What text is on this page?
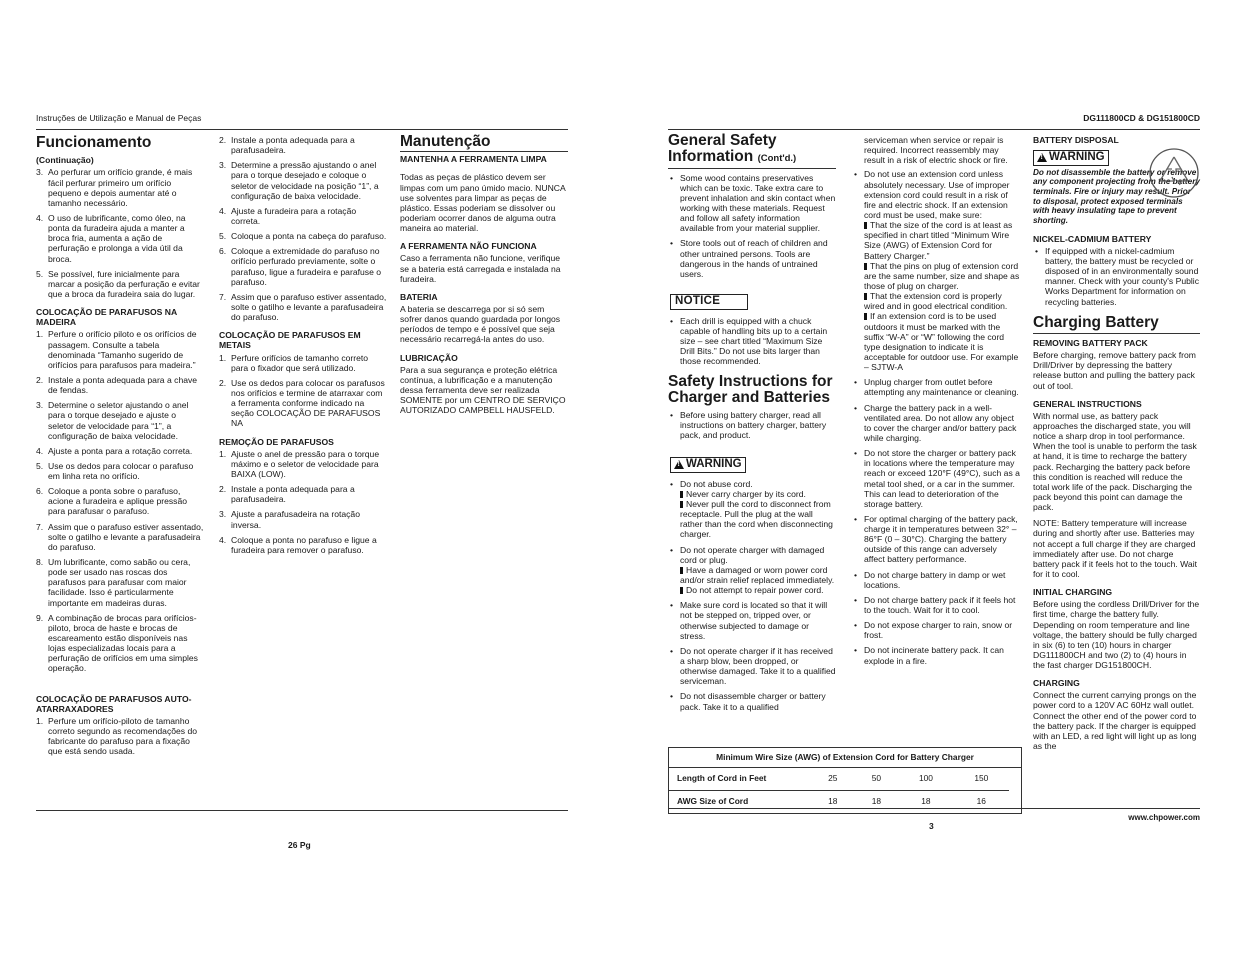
Instruções de Utilização e Manual de Peças	DG111800CD & DG151800CD
Funcionamento
(Continuação)
3. Ao perfurar um orifício grande, é mais fácil perfurar primeiro um orifício pequeno e depois aumentar até o tamanho necessário.
4. O uso de lubrificante, como óleo, na ponta da furadeira ajuda a manter a broca fria, aumenta a ação de perfuração e prolonga a vida útil da broca.
5. Se possível, fure inicialmente para marcar a posição da perfuração e evitar que a broca da furadeira saia do lugar.
COLOCAÇÃO DE PARAFUSOS NA MADEIRA
1. Perfure o orifício piloto e os orifícios de passagem. Consulte a tabela denominada “Tamanho sugerido de orifícios para parafusos para madeira.”
2. Instale a ponta adequada para a chave de fendas.
3. Determine o seletor ajustando o anel para o torque desejado e ajuste o seletor de velocidade para “1”, a configuração de baixa velocidade.
4. Ajuste a ponta para a rotação correta.
5. Use os dedos para colocar o parafuso em linha reta no orifício.
6. Coloque a ponta sobre o parafuso, acione a furadeira e aplique pressão para parafusar o parafuso.
7. Assim que o parafuso estiver assentado, solte o gatilho e levante a parafusadeira do parafuso.
8. Um lubrificante, como sabão ou cera, pode ser usado nas roscas dos parafusos para parafusar com maior facilidade. Isso é particularmente importante em madeiras duras.
9. A combinação de brocas para orifícios-piloto, broca de haste e brocas de escareamento estão disponíveis nas lojas especializadas locais para a perfuração de orifícios em uma simples operação.
COLOCAÇÃO DE PARAFUSOS AUTO-ATARRAXADORES
1. Perfure um orifício-piloto de tamanho correto segundo as recomendações do fabricante do parafuso para a fixação que está sendo usada.
2. Instale a ponta adequada para a parafusadeira.
3. Determine a pressão ajustando o anel para o torque desejado e coloque o seletor de velocidade na posição “1”, a configuração de baixa velocidade.
4. Ajuste a furadeira para a rotação correta.
5. Coloque a ponta na cabeça do parafuso.
6. Coloque a extremidade do parafuso no orifício perfurado previamente, solte o parafuso, ligue a furadeira e parafuse o parafuso.
7. Assim que o parafuso estiver assentado, solte o gatilho e levante a parafusadeira do parafuso.
COLOCAÇÃO DE PARAFUSOS EM METAIS
1. Perfure orifícios de tamanho correto para o fixador que será utilizado.
2. Use os dedos para colocar os parafusos nos orifícios e termine de atarraxar com a ferramenta conforme indicado na seção COLOCAÇÃO DE PARAFUSOS NA
REMOÇÃO DE PARAFUSOS
1. Ajuste o anel de pressão para o torque máximo e o seletor de velocidade para BAIXA (LOW).
2. Instale a ponta adequada para a parafusadeira.
3. Ajuste a parafusadeira na rotação inversa.
4. Coloque a ponta no parafuso e ligue a furadeira para remover o parafuso.
Manutenção
MANTENHA A FERRAMENTA LIMPA

Todas as peças de plástico devem ser limpas com um pano úmido macio. NUNCA use solventes para limpar as peças de plástico. Essas poderiam se dissolver ou poderiam ocorrer danos de alguma outra maneira ao material.

A FERRAMENTA NÃO FUNCIONA

Caso a ferramenta não funcione, verifique se a bateria está carregada e instalada na furadeira.

BATERIA

A bateria se descarrega por si só sem sofrer danos quando guardada por longos períodos de tempo e é possível que seja necessário recarregá-la antes do uso.

LUBRICAÇÃO

Para a sua segurança e proteção elétrica contínua, a lubrificação e a manutenção dessa ferramenta deve ser realizada SOMENTE por um CENTRO DE SERVIÇO AUTORIZADO CAMPBELL HAUSFELD.

26 Pg
General Safety Information (Cont'd.)
• Some wood contains preservatives which can be toxic. Take extra care to prevent inhalation and skin contact when working with these materials. Request and follow all safety information available from your material supplier.
• Store tools out of reach of children and other untrained persons. Tools are dangerous in the hands of untrained users.
NOTICE
• Each drill is equipped with a chuck capable of handling bits up to a certain size – see chart titled “Maximum Size Drill Bits.” Do not use bits larger than those recommended.
Safety Instructions for Charger and Batteries
• Before using battery charger, read all instructions on battery charger, battery pack, and product.
!
WARNING
• Do not abuse cord.
Never carry charger by its cord.
Never pull the cord to disconnect from receptacle. Pull the plug at the wall rather than the cord when disconnecting charger.
• Do not operate charger with damaged cord or plug.
Have a damaged or worn power cord and/or strain relief replaced immediately.
Do not attempt to repair power cord.
• Make sure cord is located so that it will not be stepped on, tripped over, or otherwise subjected to damage or stress.
• Do not operate charger if it has received a sharp blow, been dropped, or otherwise damaged. Take it to a qualified serviceman.
• Do not disassemble charger or battery pack. Take it to a qualified

serviceman when service or repair is required. Incorrect reassembly may result in a risk of electric shock or fire.

• Do not use an extension cord unless absolutely necessary. Use of improper extension cord could result in a risk of fire and electric shock. If an extension cord must be used, make sure:
That the size of the cord is at least as specified in chart titled “Minimum Wire Size (AWG) of Extension Cord for Battery Charger.”
That the pins on plug of extension cord are the same number, size and shape as those of plug on charger.
That the extension cord is properly wired and in good electrical condition.
If an extension cord is to be used outdoors it must be marked with the suffix “W-A” or “W” following the cord type designation to indicate it is acceptable for outdoor use. For example – SJTW-A
• Unplug charger from outlet before attempting any maintenance or cleaning.
• Charge the battery pack in a well-ventilated area. Do not allow any object to cover the charger and/or battery pack while charging.
• Do not store the charger or battery pack in locations where the temperature may reach or exceed 120°F (49°C), such as a metal tool shed, or a car in the summer. This can lead to deterioration of the storage battery.
• For optimal charging of the battery pack, charge it in temperatures between 32° – 86°F (0 – 30°C). Charging the battery outside of this range can adversely affect battery performance.
• Do not charge battery in damp or wet locations.
• Do not charge battery pack if it feels hot to the touch. Wait for it to cool.
• Do not expose charger to rain, snow or frost.
• Do not incinerate battery pack. It can explode in a fire.
Minimum Wire Size (AWG) of Extension Cord for Battery Charger
Length of Cord in Feet	25	50	100	150
AWG Size of Cord	18	18	18	16
BATTERY DISPOSAL
!
WARNING

Do not disassemble the battery or remove any component projecting from the battery terminals. Fire or injury may result. Prior to disposal, protect exposed terminals with heavy insulating tape to prevent shorting.

NICKEL-CADMIUM BATTERY
• If equipped with a nickel-cadmium battery, the battery must be recycled or disposed of in an environmentally sound manner. Check with your county's Public Works Department for information on recycling batteries.
Charging Battery
REMOVING BATTERY PACK

Before charging, remove battery pack from Drill/Driver by depressing the battery release button and pulling the battery pack out of tool.

GENERAL INSTRUCTIONS

With normal use, as battery pack approaches the discharged state, you will notice a sharp drop in tool performance. When the tool is unable to perform the task at hand, it is time to recharge the battery pack. Recharging the battery pack before this condition is reached will reduce the total work life of the pack. Discharging the pack beyond this point can damage the pack.

NOTE: Battery temperature will increase during and shortly after use. Batteries may not accept a full charge if they are charged immediately after use. Do not charge battery pack if it feels hot to the touch. Wait for it to cool.

INITIAL CHARGING

Before using the cordless Drill/Driver for the first time, charge the battery fully. Depending on room temperature and line voltage, the battery should be fully charged in six (6) to ten (10) hours in charger DG111800CH and two (2) to (4) hours in the fast charger DG151800CH.

CHARGING

Connect the current carrying prongs on the power cord to a 120V AC 60Hz wall outlet. Connect the other end of the power cord to the battery pack. If the charger is equipped with an LED, a red light will light up as long as the

www.chpower.com
3
